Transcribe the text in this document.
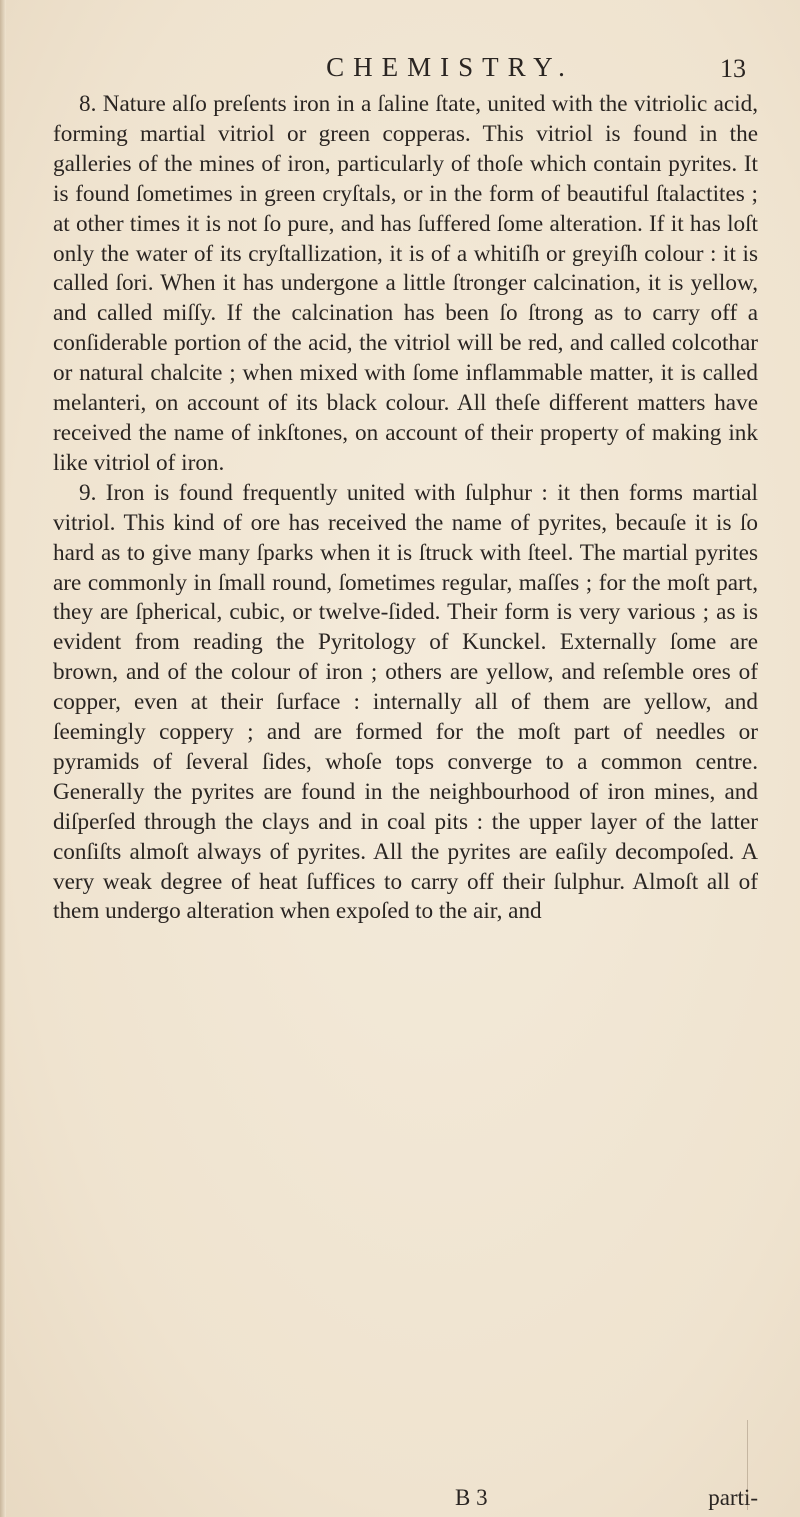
CHEMISTRY.	13

8. Nature alſo preſents iron in a ſaline ſtate, united with the vitriolic acid, forming martial vitriol or green copperas. This vitriol is found in the galleries of the mines of iron, particularly of thoſe which contain pyrites. It is found ſometimes in green cryſtals, or in the form of beautiful ſtalactites ; at other times it is not ſo pure, and has ſuffered ſome alteration. If it has loſt only the water of its cryſtallization, it is of a whitiſh or greyiſh colour : it is called ſori. When it has undergone a little ſtronger calcination, it is yellow, and called miſſy. If the calcination has been ſo ſtrong as to carry off a conſiderable portion of the acid, the vitriol will be red, and called colcothar or natural chalcite ; when mixed with ſome inflammable matter, it is called melanteri, on account of its black colour. All theſe different matters have received the name of inkſtones, on account of their property of making ink like vitriol of iron.

9. Iron is found frequently united with ſulphur : it then forms martial vitriol. This kind of ore has received the name of pyrites, becauſe it is ſo hard as to give many ſparks when it is ſtruck with ſteel. The martial pyrites are commonly in ſmall round, ſometimes regular, maſſes ; for the moſt part, they are ſpherical, cubic, or twelve-ſided. Their form is very various ; as is evident from reading the Pyritology of Kunckel. Externally ſome are brown, and of the colour of iron ; others are yellow, and reſemble ores of copper, even at their ſurface : internally all of them are yellow, and ſeemingly coppery ; and are formed for the moſt part of needles or pyramids of ſeveral ſides, whoſe tops converge to a common centre. Generally the pyrites are found in the neighbourhood of iron mines, and diſperſed through the clays and in coal pits : the upper layer of the latter conſiſts almoſt always of pyrites. All the pyrites are eaſily decompoſed. A very weak degree of heat ſuffices to carry off their ſulphur. Almoſt all of them undergo alteration when expoſed to the air, and

B 3	parti-
